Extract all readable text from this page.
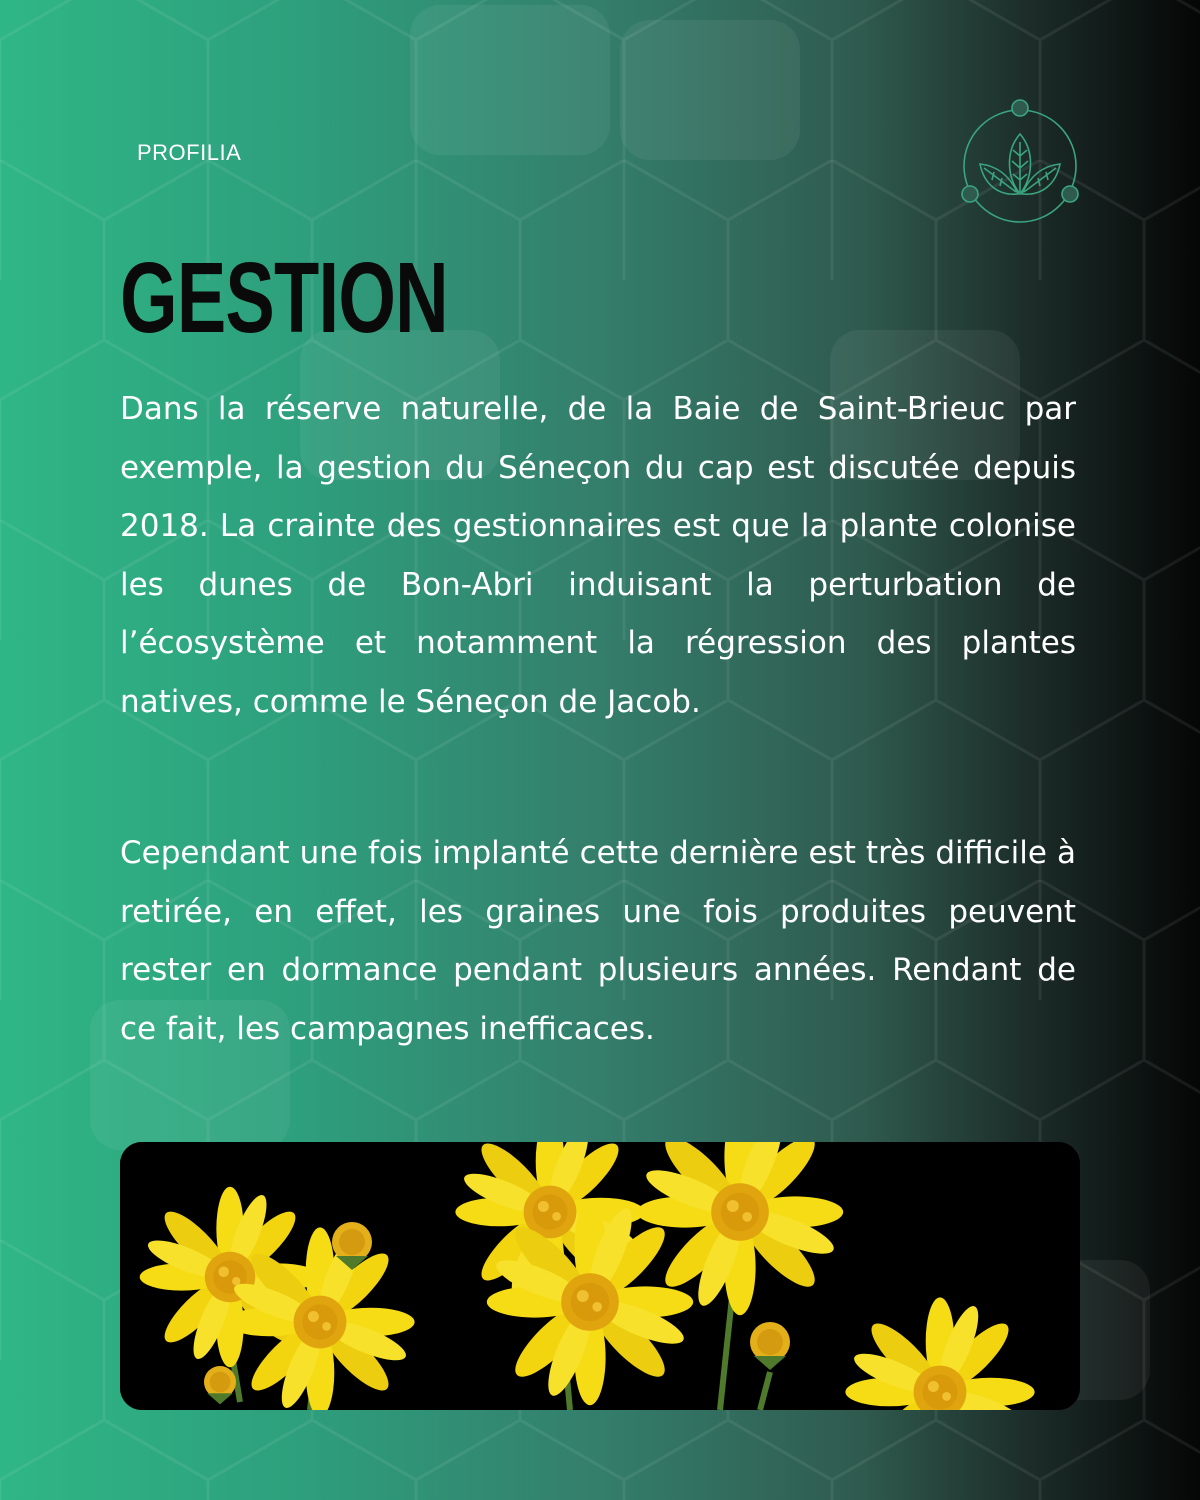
PROFILIA
GESTION

Dans la réserve naturelle, de la Baie de Saint-Brieuc par exemple, la gestion du Séneçon du cap est discutée depuis 2018. La crainte des gestionnaires est que la plante colonise les dunes de Bon-Abri induisant la perturbation de l’écosystème et notamment la régression des plantes natives, comme le Séneçon de Jacob.

Cependant une fois implanté cette dernière est très difficile à retirée, en effet, les graines une fois produites peuvent rester en dormance pendant plusieurs années. Rendant de ce fait, les campagnes inefficaces.
